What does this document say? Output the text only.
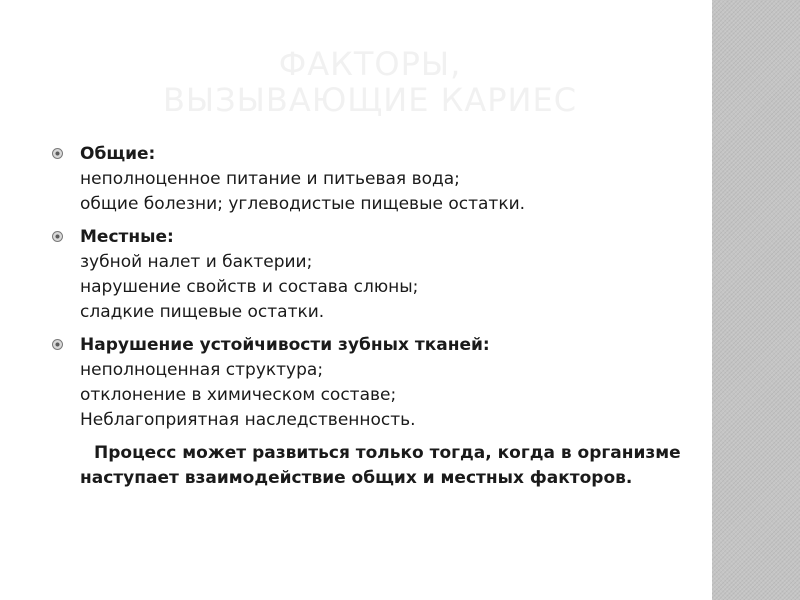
ФАКТОРЫ,
ВЫЗЫВАЮЩИЕ КАРИЕС
Общие:
неполноценное питание и питьевая вода;
общие болезни; углеводистые пищевые остатки.
Местные:
зубной налет и бактерии;
нарушение свойств и состава слюны;
сладкие пищевые остатки.
Нарушение устойчивости зубных тканей:
неполноценная структура;
отклонение в химическом составе;
Неблагоприятная наследственность.
Процесс может развиться только тогда, когда в организме наступает взаимодействие общих и местных факторов.
